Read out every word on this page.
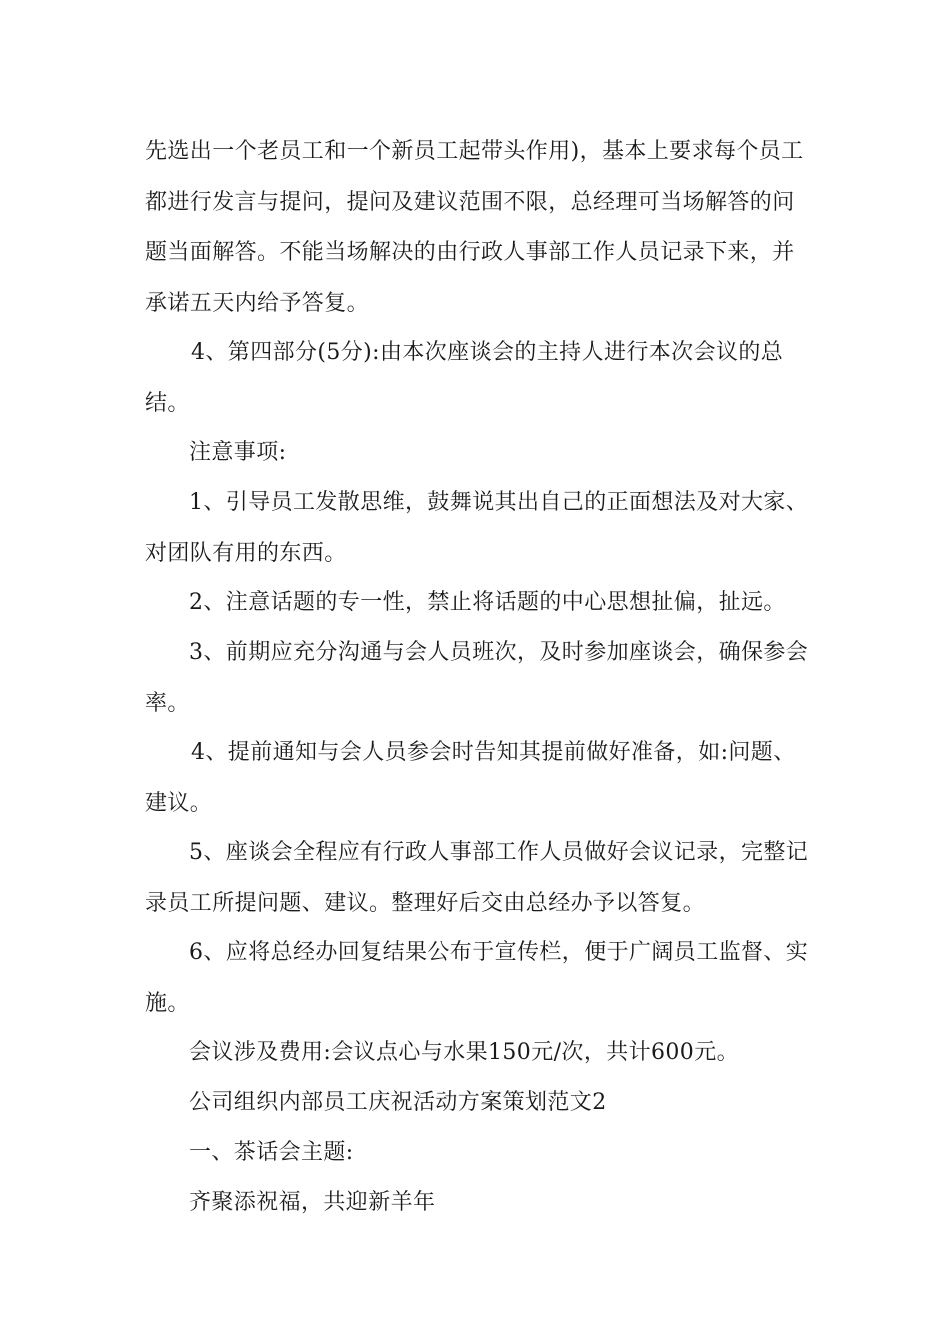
先选出一个老员工和一个新员工起带头作用)，基本上要求每个员工都进行发言与提问，提问及建议范围不限，总经理可当场解答的问题当面解答。不能当场解决的由行政人事部工作人员记录下来，并承诺五天内给予答复。

4、第四部分(5分):由本次座谈会的主持人进行本次会议的总结。

注意事项:

1、引导员工发散思维，鼓舞说其出自己的正面想法及对大家、对团队有用的东西。

2、注意话题的专一性，禁止将话题的中心思想扯偏，扯远。

3、前期应充分沟通与会人员班次，及时参加座谈会，确保参会率。

4、提前通知与会人员参会时告知其提前做好准备，如:问题、建议。

5、座谈会全程应有行政人事部工作人员做好会议记录，完整记录员工所提问题、建议。整理好后交由总经办予以答复。

6、应将总经办回复结果公布于宣传栏，便于广阔员工监督、实施。

会议涉及费用:会议点心与水果150元/次，共计600元。

公司组织内部员工庆祝活动方案策划范文2

一、茶话会主题:

齐聚添祝福，共迎新羊年
